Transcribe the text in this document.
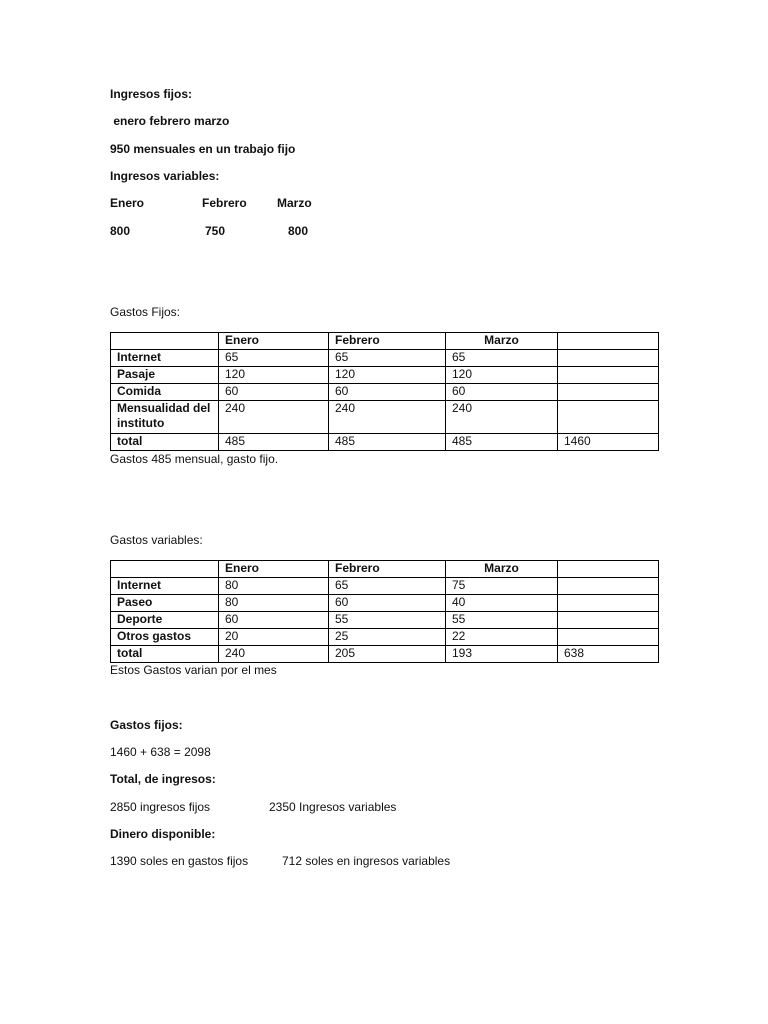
Ingresos fijos:
enero febrero marzo
950 mensuales en un trabajo fijo
Ingresos variables:
Enero	Febrero	Marzo
800	750	800
Gastos Fijos:
	Enero	Febrero	Marzo	
Internet	65	65	65	
Pasaje	120	120	120	
Comida	60	60	60	
Mensualidad del instituto	240	240	240	
total	485	485	485	1460
Gastos 485 mensual, gasto fijo.
Gastos variables:
	Enero	Febrero	Marzo	
Internet	80	65	75	
Paseo	80	60	40	
Deporte	60	55	55	
Otros gastos	20	25	22	
total	240	205	193	638
Estos Gastos varian por el mes
Gastos fijos:
1460 + 638 = 2098
Total, de ingresos:
2850 ingresos fijos	2350 Ingresos variables
Dinero disponible:
1390 soles en gastos fijos	712 soles en ingresos variables
